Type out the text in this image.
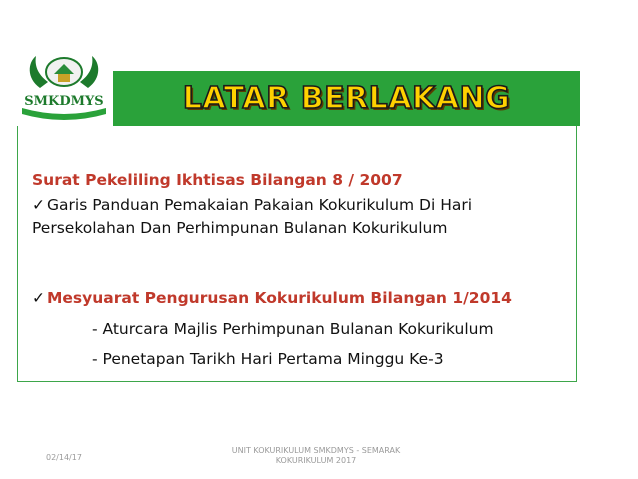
SMKDMYS	LATAR BERLAKANG
Surat Pekeliling Ikhtisas Bilangan 8 / 2007
✓ Garis Panduan Pemakaian Pakaian Kokurikulum Di Hari
Persekolahan Dan Perhimpunan Bulanan Kokurikulum
✓ Mesyuarat Pengurusan Kokurikulum Bilangan 1/2014
- Aturcara Majlis Perhimpunan Bulanan Kokurikulum
- Penetapan Tarikh Hari Pertama Minggu Ke-3
02/14/17
UNIT KOKURIKULUM SMKDMYS - SEMARAK
KOKURIKULUM 2017
